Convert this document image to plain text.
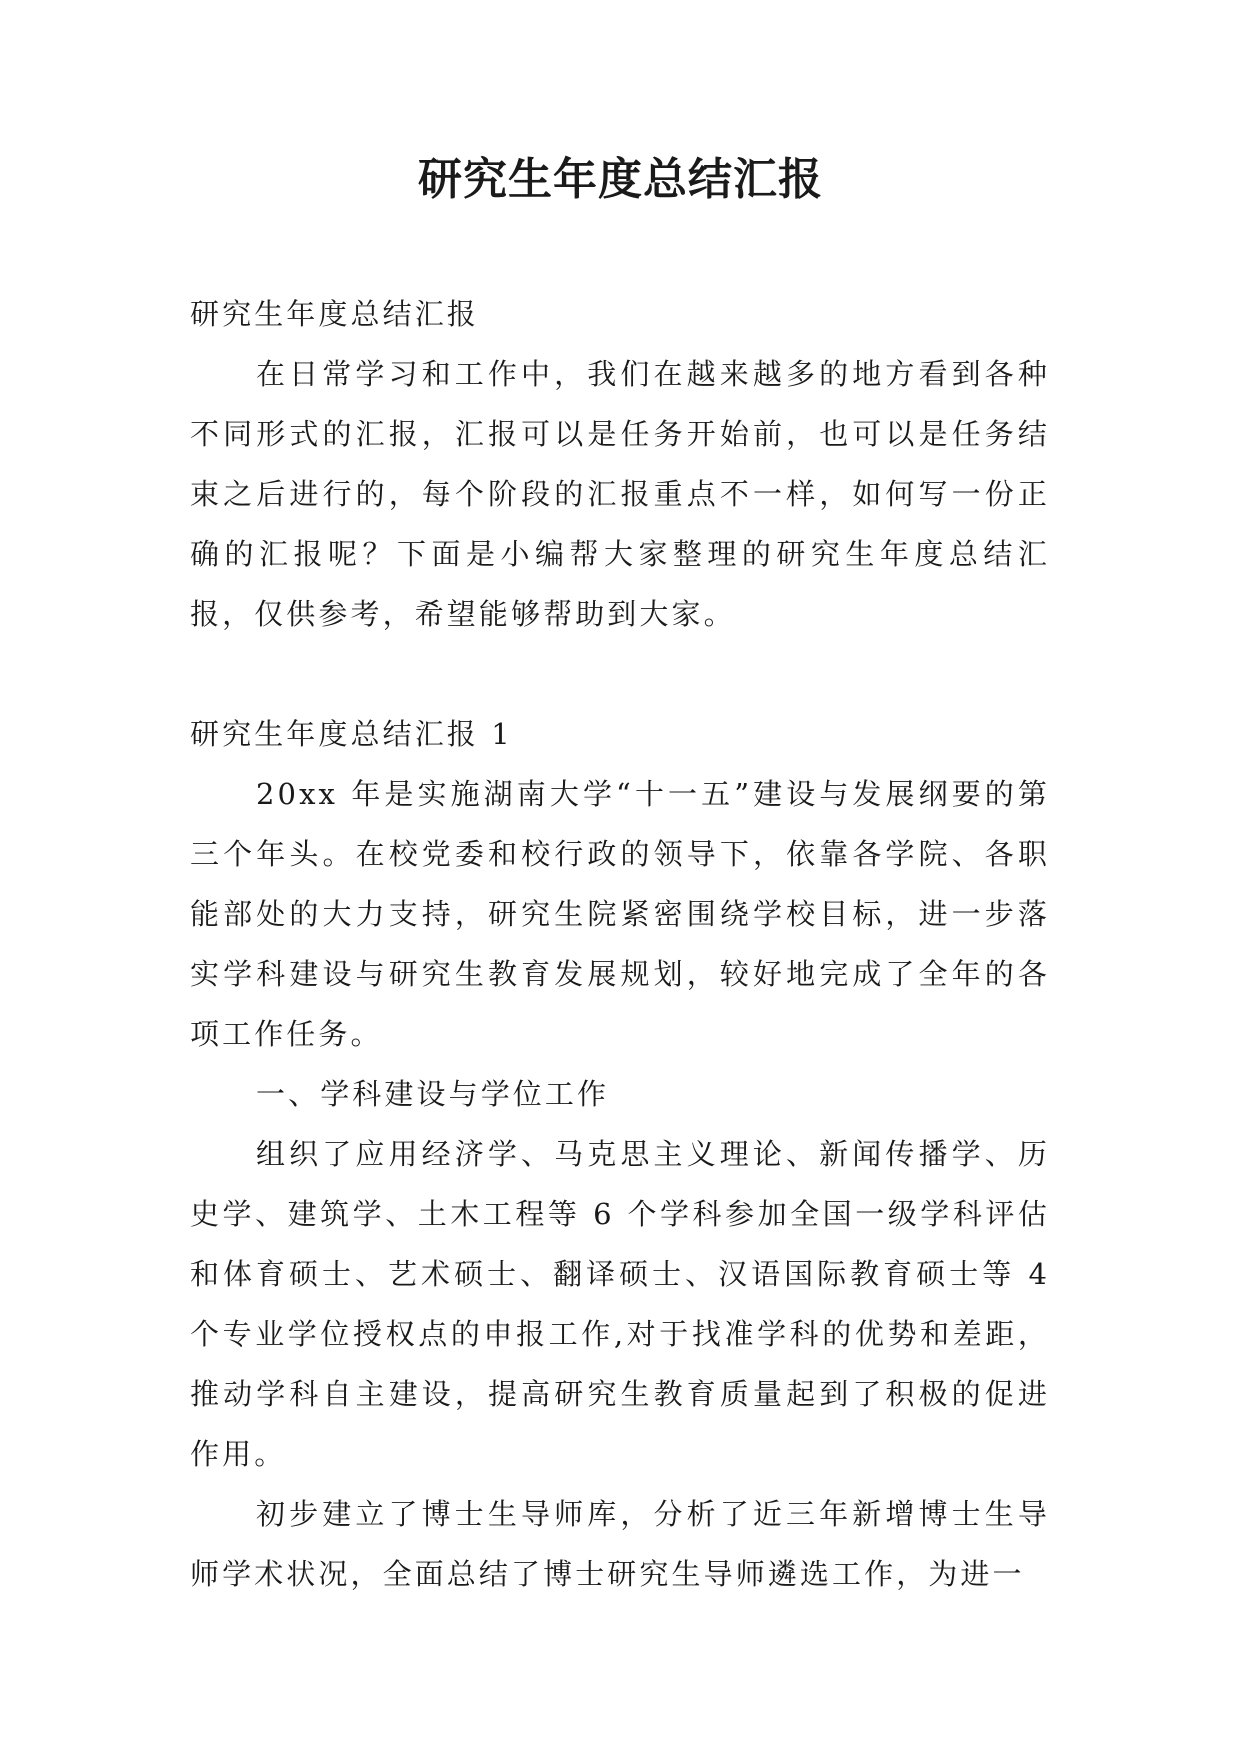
研究生年度总结汇报

研究生年度总结汇报

在日常学习和工作中，我们在越来越多的地方看到各种不同形式的汇报，汇报可以是任务开始前，也可以是任务结束之后进行的，每个阶段的汇报重点不一样，如何写一份正确的汇报呢？下面是小编帮大家整理的研究生年度总结汇报，仅供参考，希望能够帮助到大家。

研究生年度总结汇报 1

20xx 年是实施湖南大学“十一五”建设与发展纲要的第三个年头。在校党委和校行政的领导下，依靠各学院、各职能部处的大力支持，研究生院紧密围绕学校目标，进一步落实学科建设与研究生教育发展规划，较好地完成了全年的各项工作任务。

一、学科建设与学位工作

组织了应用经济学、马克思主义理论、新闻传播学、历史学、建筑学、土木工程等 6 个学科参加全国一级学科评估和体育硕士、艺术硕士、翻译硕士、汉语国际教育硕士等 4 个专业学位授权点的申报工作,对于找准学科的优势和差距，推动学科自主建设，提高研究生教育质量起到了积极的促进作用。

初步建立了博士生导师库，分析了近三年新增博士生导师学术状况，全面总结了博士研究生导师遴选工作，为进一
